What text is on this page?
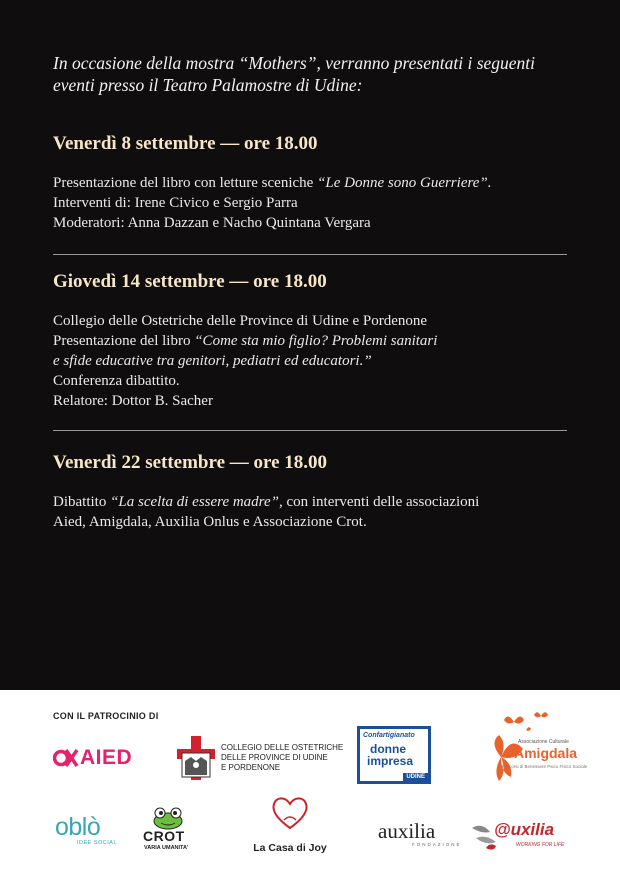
In occasione della mostra “Mothers”, verranno presentati i seguenti
eventi presso il Teatro Palamostre di Udine:
Venerdì 8 settembre — ore 18.00
Presentazione del libro con letture sceniche “Le Donne sono Guerriere”.
Interventi di: Irene Civico e Sergio Parra
Moderatori: Anna Dazzan e Nacho Quintana Vergara
Giovedì 14 settembre — ore 18.00
Collegio delle Ostetriche delle Province di Udine e Pordenone
Presentazione del libro “Come sta mio figlio? Problemi sanitari
e sfide educative tra genitori, pediatri ed educatori.”
Conferenza dibattito.
Relatore: Dottor B. Sacher
Venerdì 22 settembre — ore 18.00
Dibattito “La scelta di essere madre”, con interventi delle associazioni
Aied, Amigdala, Auxilia Onlus e Associazione Crot.
CON IL PATROCINIO DI
AIED	COLLEGIO DELLE OSTETRICHE
DELLE PROVINCE DI UDINE
E PORDENONE
Confartigianato
donne
impresa
UDINE
Associazione Culturale
Amigdala
Percorsi di Benessere Psico Fisico Sociale
oblò
IDEE SOCIAL	CROT
VARIA UMANITA'	La Casa di Joy
auxilia
FONDAZIONE
@uxilia
WORKING FOR LIFE
